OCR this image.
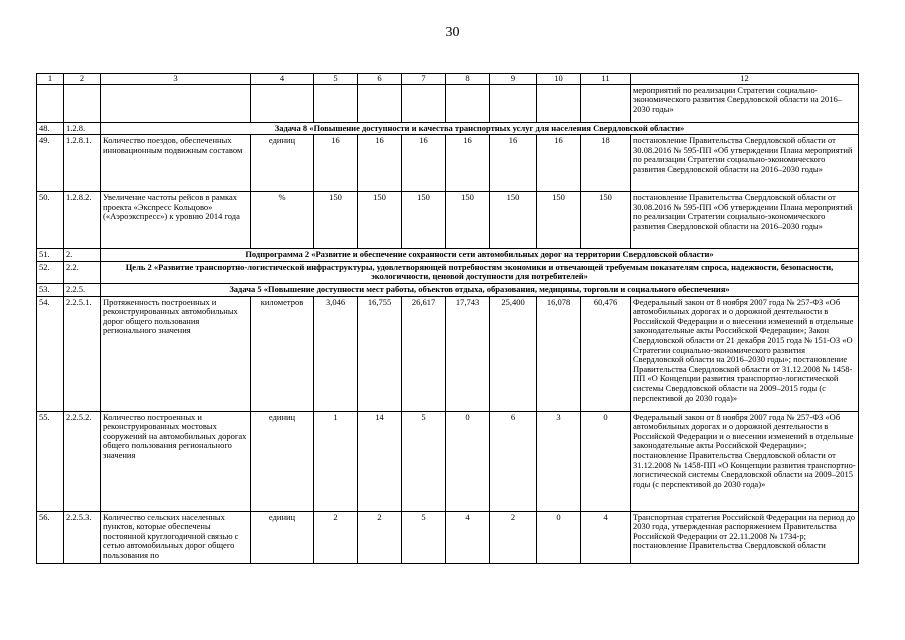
30
1	2	3	4	5	6	7	8	9	10	11	12
											мероприятий по реализации Стратегии социально-экономического развития Свердловской области на 2016–2030 годы»
48.	1.2.8.	Задача 8 «Повышение доступности и качества транспортных услуг для населения Свердловской области»									
49.	1.2.8.1.	Количество поездов, обеспеченных инновационным подвижным составом	единиц	16	16	16	16	16	16	18	постановление Правительства Свердловской области от 30.08.2016 № 595-ПП «Об утверждении Плана мероприятий по реализации Стратегии социально-экономического развития Свердловской области на 2016–2030 годы»
50.	1.2.8.2.	Увеличение частоты рейсов в рамках проекта «Экспресс Кольцово» («Аэроэкспресс») к уровню 2014 года	%	150	150	150	150	150	150	150	постановление Правительства Свердловской области от 30.08.2016 № 595-ПП «Об утверждении Плана мероприятий по реализации Стратегии социально-экономического развития Свердловской области на 2016–2030 годы»
51.	2.	Подпрограмма 2 «Развитие и обеспечение сохранности сети автомобильных дорог на территории Свердловской области»									
52.	2.2.	Цель 2 «Развитие транспортно-логистической инфраструктуры, удовлетворяющей потребностям экономики и отвечающей требуемым показателям спроса, надежности, безопасности, экологичности, ценовой доступности для потребителей»									
53.	2.2.5.	Задача 5 «Повышение доступности мест работы, объектов отдыха, образования, медицины, торговли и социального обеспечения»									
54.	2.2.5.1.	Протяженность построенных и реконструированных автомобильных дорог общего пользования регионального значения	километров	3,046	16,755	26,617	17,743	25,400	16,078	60,476	Федеральный закон от 8 ноября 2007 года № 257-ФЗ «Об автомобильных дорогах и о дорожной деятельности в Российской Федерации и о внесении изменений в отдельные законодательные акты Российской Федерации»; Закон Свердловской области от 21 декабря 2015 года № 151-ОЗ «О Стратегии социально-экономического развития Свердловской области на 2016–2030 годы»; постановление Правительства Свердловской области от 31.12.2008 № 1458-ПП «О Концепции развития транспортно-логистической системы Свердловской области на 2009–2015 годы (с перспективой до 2030 года)»
55.	2.2.5.2.	Количество построенных и реконструированных мостовых сооружений на автомобильных дорогах общего пользования регионального значения	единиц	1	14	5	0	6	3	0	Федеральный закон от 8 ноября 2007 года № 257-ФЗ «Об автомобильных дорогах и о дорожной деятельности в Российской Федерации и о внесении изменений в отдельные законодательные акты Российской Федерации»; постановление Правительства Свердловской области от 31.12.2008 № 1458-ПП «О Концепции развития транспортно-логистической системы Свердловской области на 2009–2015 годы (с перспективой до 2030 года)»
56.	2.2.5.3.	Количество сельских населенных пунктов, которые обеспечены постоянной круглогодичной связью с сетью автомобильных дорог общего пользования по	единиц	2	2	5	4	2	0	4	Транспортная стратегия Российской Федерации на период до 2030 года, утвержденная распоряжением Правительства Российской Федерации от 22.11.2008 № 1734-р; постановление Правительства Свердловской области
